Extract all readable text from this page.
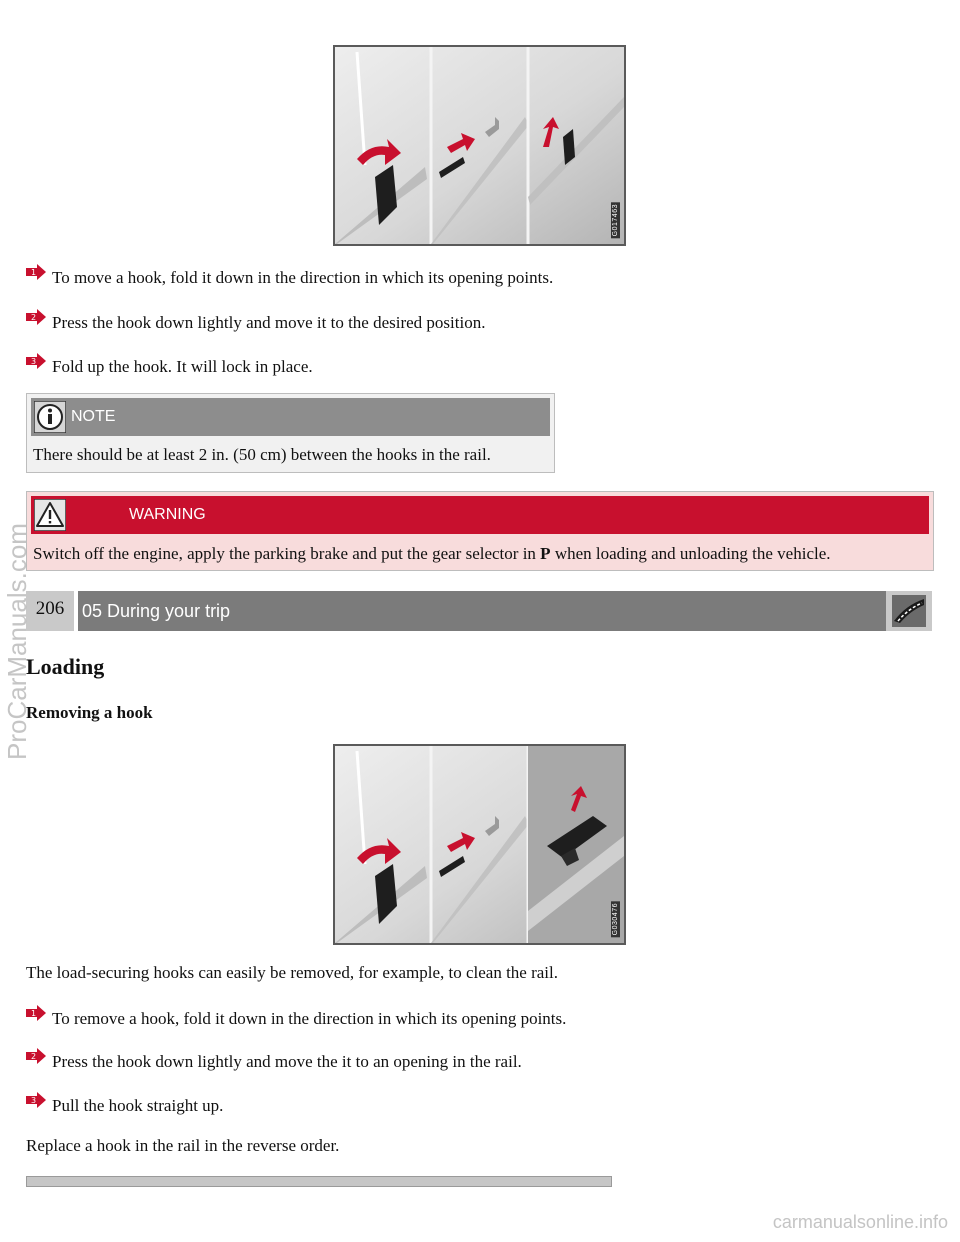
G017463
1 To move a hook, fold it down in the direction in which its opening points.
2 Press the hook down lightly and move it to the desired position.
3 Fold up the hook. It will lock in place.
NOTE
There should be at least 2 in. (50 cm) between the hooks in the rail.
WARNING
Switch off the engine, apply the parking brake and put the gear selector in P when loading and unloading the vehicle.
206 05 During your trip
Loading
Removing a hook
G030476
The load-securing hooks can easily be removed, for example, to clean the rail.
1 To remove a hook, fold it down in the direction in which its opening points.
2 Press the hook down lightly and move the it to an opening in the rail.
3 Pull the hook straight up.
Replace a hook in the rail in the reverse order.
ProCarManuals.com
carmanualsonline.info
